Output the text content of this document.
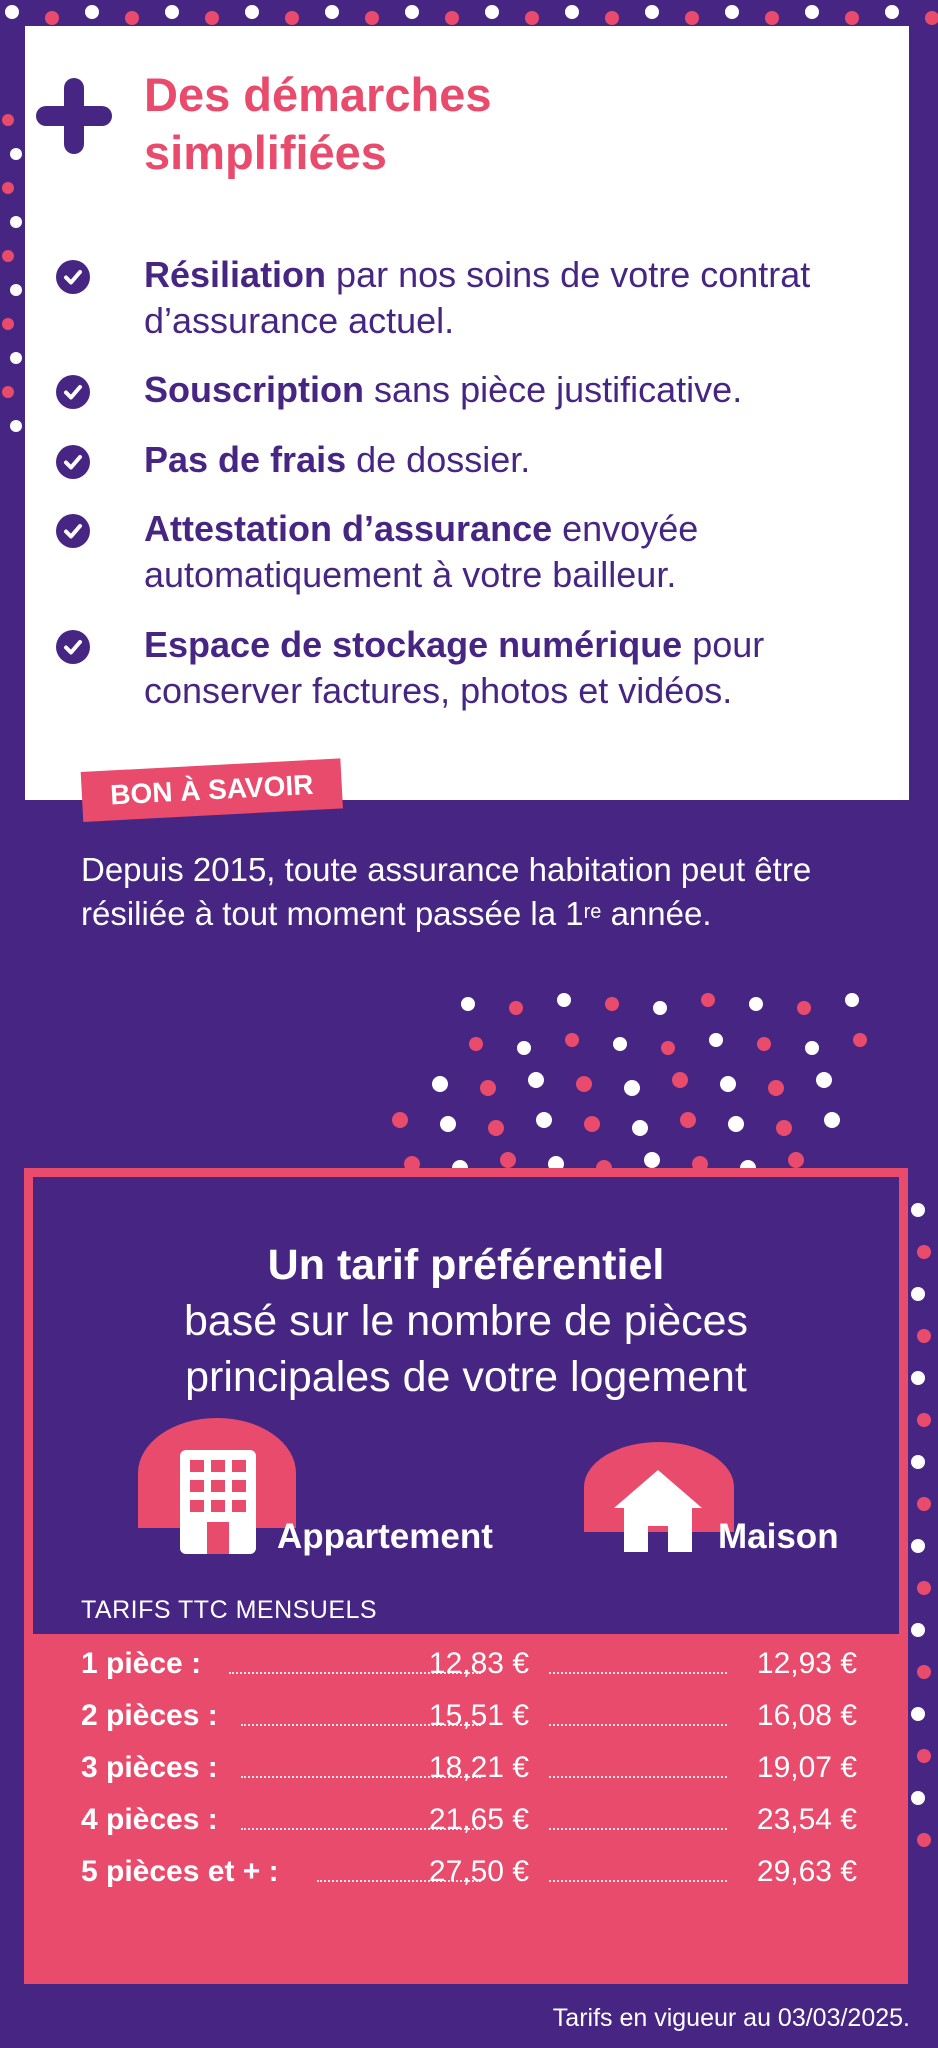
Des démarches
simplifiées
Résiliation par nos soins de votre contrat d’assurance actuel.
Souscription sans pièce justificative.
Pas de frais de dossier.
Attestation d’assurance envoyée automatiquement à votre bailleur.
Espace de stockage numérique pour conserver factures, photos et vidéos.
BON À SAVOIR
Depuis 2015, toute assurance habitation peut être résiliée à tout moment passée la 1re année.
Un tarif préférentiel
basé sur le nombre de pièces
principales de votre logement
Appartement	Maison
TARIFS TTC MENSUELS
1 pièce :	12,83 €	12,93 €
2 pièces :	15,51 €	16,08 €
3 pièces :	18,21 €	19,07 €
4 pièces :	21,65 €	23,54 €
5 pièces et + :	27,50 €	29,63 €
Tarifs en vigueur au 03/03/2025.
